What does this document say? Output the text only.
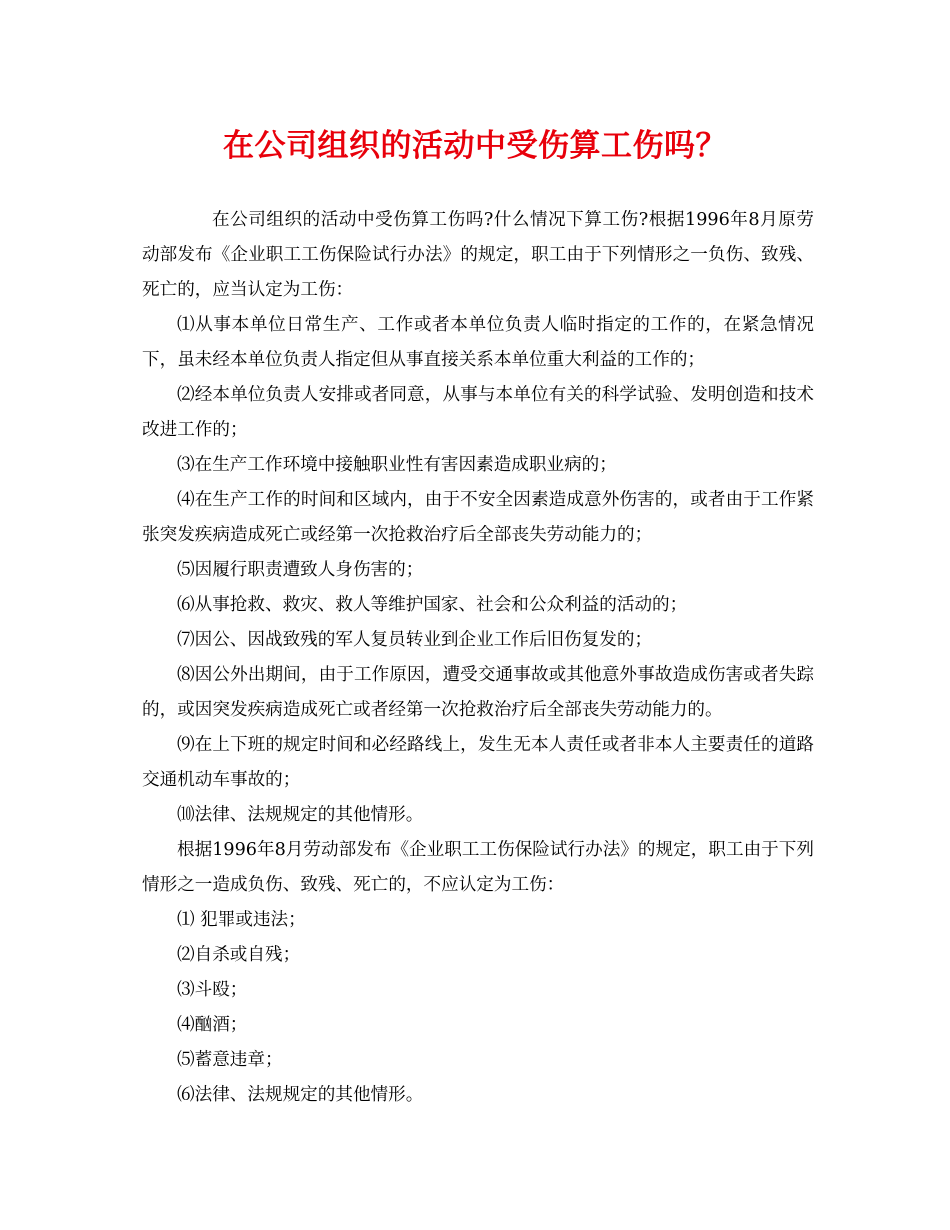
在公司组织的活动中受伤算工伤吗？

在公司组织的活动中受伤算工伤吗?什么情况下算工伤?根据1996年8月原劳动部发布《企业职工工伤保险试行办法》的规定，职工由于下列情形之一负伤、致残、死亡的，应当认定为工伤：

⑴从事本单位日常生产、工作或者本单位负责人临时指定的工作的，在紧急情况下，虽未经本单位负责人指定但从事直接关系本单位重大利益的工作的；

⑵经本单位负责人安排或者同意，从事与本单位有关的科学试验、发明创造和技术改进工作的；

⑶在生产工作环境中接触职业性有害因素造成职业病的；

⑷在生产工作的时间和区域内，由于不安全因素造成意外伤害的，或者由于工作紧张突发疾病造成死亡或经第一次抢救治疗后全部丧失劳动能力的；

⑸因履行职责遭致人身伤害的；

⑹从事抢救、救灾、救人等维护国家、社会和公众利益的活动的；

⑺因公、因战致残的军人复员转业到企业工作后旧伤复发的；

⑻因公外出期间，由于工作原因，遭受交通事故或其他意外事故造成伤害或者失踪的，或因突发疾病造成死亡或者经第一次抢救治疗后全部丧失劳动能力的。

⑼在上下班的规定时间和必经路线上，发生无本人责任或者非本人主要责任的道路交通机动车事故的；

⑽法律、法规规定的其他情形。

根据1996年8月劳动部发布《企业职工工伤保险试行办法》的规定，职工由于下列情形之一造成负伤、致残、死亡的，不应认定为工伤：

⑴ 犯罪或违法；

⑵自杀或自残；

⑶斗殴；

⑷酗酒；

⑸蓄意违章；

⑹法律、法规规定的其他情形。
